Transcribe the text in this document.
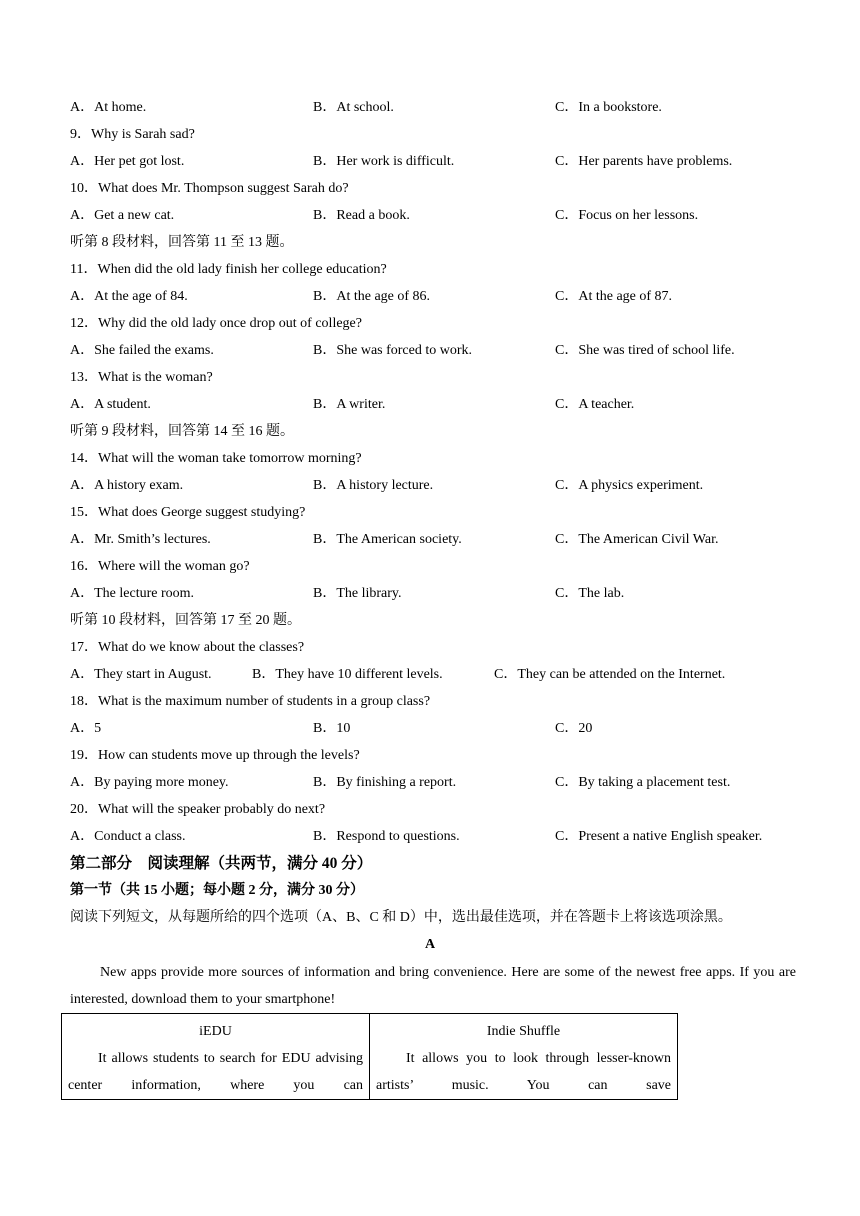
A．At home.	B．At school.	C．In a bookstore.
9．Why is Sarah sad?
A．Her pet got lost.	B．Her work is difficult.	C．Her parents have problems.
10．What does Mr. Thompson suggest Sarah do?
A．Get a new cat.	B．Read a book.	C．Focus on her lessons.
听第 8 段材料，回答第 11 至 13 题。
11．When did the old lady finish her college education?
A．At the age of 84.	B．At the age of 86.	C．At the age of 87.
12．Why did the old lady once drop out of college?
A．She failed the exams.	B．She was forced to work.	C．She was tired of school life.
13．What is the woman?
A．A student.	B．A writer.	C．A teacher.
听第 9 段材料，回答第 14 至 16 题。
14．What will the woman take tomorrow morning?
A．A history exam.	B．A history lecture.	C．A physics experiment.
15．What does George suggest studying?
A．Mr. Smith’s lectures.	B．The American society.	C．The American Civil War.
16．Where will the woman go?
A．The lecture room.	B．The library.	C．The lab.
听第 10 段材料，回答第 17 至 20 题。
17．What do we know about the classes?
A．They start in August.	B．They have 10 different levels.	C．They can be attended on the Internet.
18．What is the maximum number of students in a group class?
A．5	B．10	C．20
19．How can students move up through the levels?
A．By paying more money.	B．By finishing a report.	C．By taking a placement test.
20．What will the speaker probably do next?
A．Conduct a class.	B．Respond to questions.	C．Present a native English speaker.
第二部分　阅读理解（共两节，满分 40 分）
第一节（共 15 小题；每小题 2 分，满分 30 分）
阅读下列短文，从每题所给的四个选项（A、B、C 和 D）中，选出最佳选项，并在答题卡上将该选项涂黑。
A

New apps provide more sources of information and bring convenience. Here are some of the newest free apps. If you are interested, download them to your smartphone!

iEDU
It allows students to search for EDU advising center information, where you can

Indie Shuffle
It allows you to look through lesser-known artists’ music. You can save
